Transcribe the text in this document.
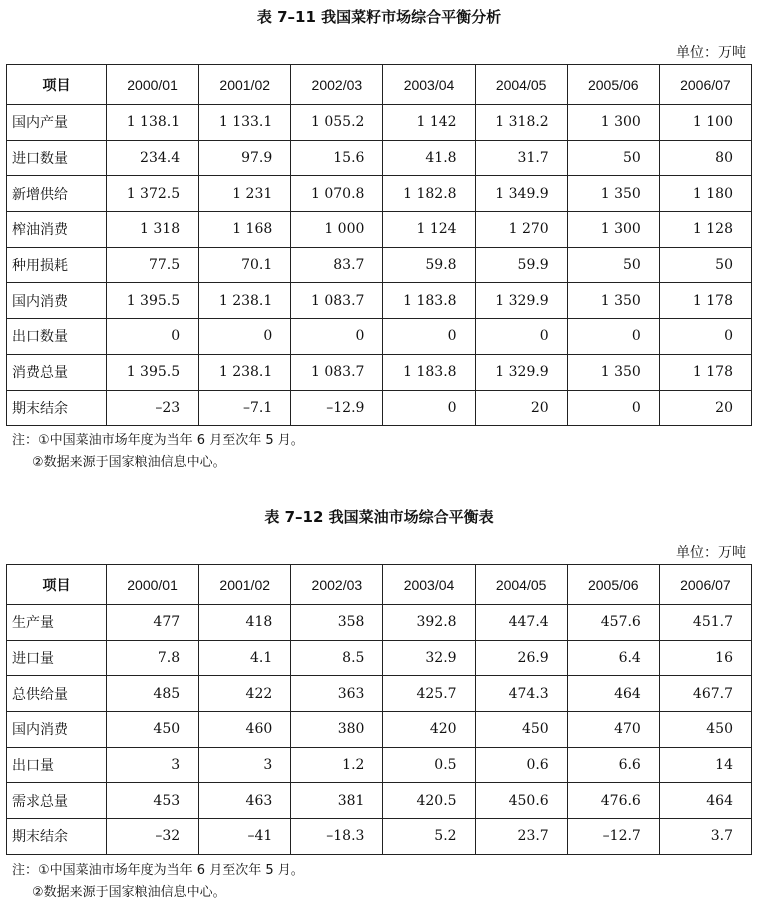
表 7–11 我国菜籽市场综合平衡分析
单位：万吨
项目	2000/01	2001/02	2002/03	2003/04	2004/05	2005/06	2006/07
国内产量	1 138.1	1 133.1	1 055.2	1 142	1 318.2	1 300	1 100
进口数量	234.4	97.9	15.6	41.8	31.7	50	80
新增供给	1 372.5	1 231	1 070.8	1 182.8	1 349.9	1 350	1 180
榨油消费	1 318	1 168	1 000	1 124	1 270	1 300	1 128
种用损耗	77.5	70.1	83.7	59.8	59.9	50	50
国内消费	1 395.5	1 238.1	1 083.7	1 183.8	1 329.9	1 350	1 178
出口数量	0	0	0	0	0	0	0
消费总量	1 395.5	1 238.1	1 083.7	1 183.8	1 329.9	1 350	1 178
期末结余	–23	–7.1	–12.9	0	20	0	20
注：①中国菜油市场年度为当年 6 月至次年 5 月。
②数据来源于国家粮油信息中心。
表 7–12 我国菜油市场综合平衡表
单位：万吨
项目	2000/01	2001/02	2002/03	2003/04	2004/05	2005/06	2006/07
生产量	477	418	358	392.8	447.4	457.6	451.7
进口量	7.8	4.1	8.5	32.9	26.9	6.4	16
总供给量	485	422	363	425.7	474.3	464	467.7
国内消费	450	460	380	420	450	470	450
出口量	3	3	1.2	0.5	0.6	6.6	14
需求总量	453	463	381	420.5	450.6	476.6	464
期末结余	–32	–41	–18.3	5.2	23.7	–12.7	3.7
注：①中国菜油市场年度为当年 6 月至次年 5 月。
②数据来源于国家粮油信息中心。
